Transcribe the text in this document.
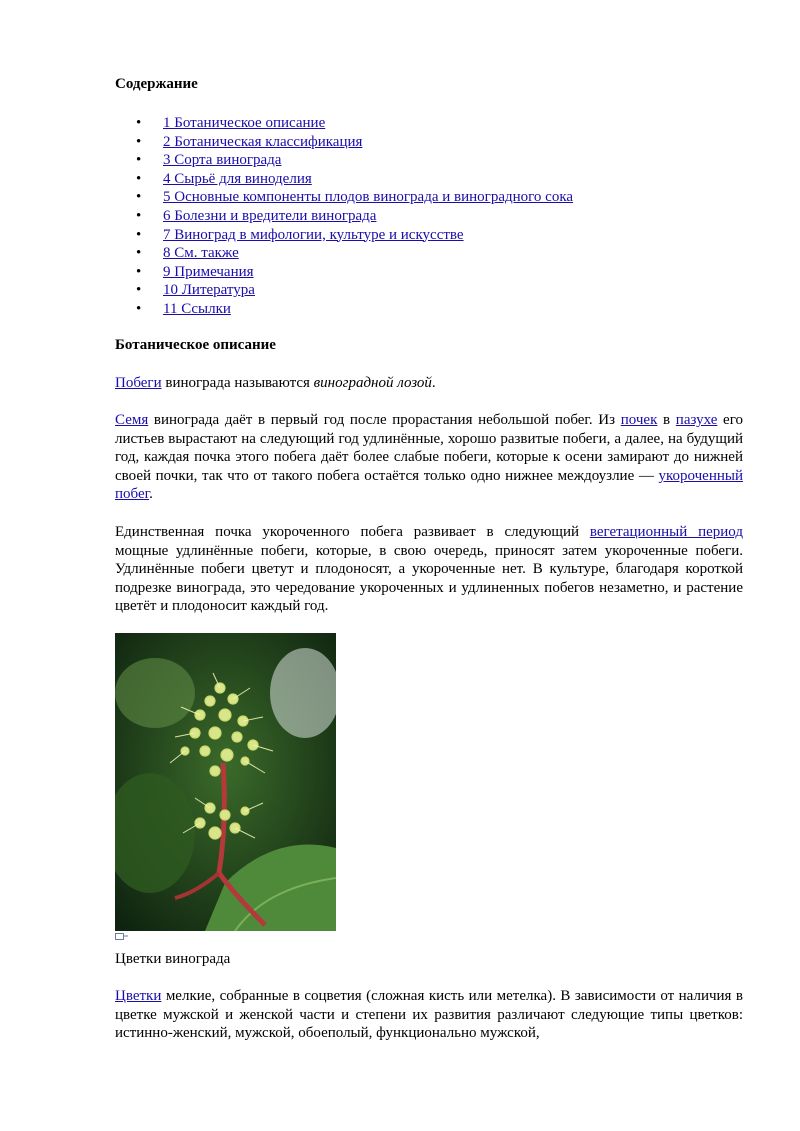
Содержание
• 1 Ботаническое описание
• 2 Ботаническая классификация
• 3 Сорта винограда
• 4 Сырьё для виноделия
• 5 Основные компоненты плодов винограда и виноградного сока
• 6 Болезни и вредители винограда
• 7 Виноград в мифологии, культуре и искусстве
• 8 См. также
• 9 Примечания
• 10 Литература
• 11 Ссылки
Ботаническое описание

Побеги винограда называются виноградной лозой.

Семя винограда даёт в первый год после прорастания небольшой побег. Из почек в пазухе его листьев вырастают на следующий год удлинённые, хорошо развитые побеги, а далее, на будущий год, каждая почка этого побега даёт более слабые побеги, которые к осени замирают до нижней своей почки, так что от такого побега остаётся только одно нижнее междоузлие — укороченный побег.

Единственная почка укороченного побега развивает в следующий вегетационный период мощные удлинённые побеги, которые, в свою очередь, приносят затем укороченные побеги. Удлинённые побеги цветут и плодоносят, а укороченные нет. В культуре, благодаря короткой подрезке винограда, это чередование укороченных и удлиненных побегов незаметно, и растение цветёт и плодоносит каждый год.

Цветки винограда

Цветки мелкие, собранные в соцветия (сложная кисть или метелка). В зависимости от наличия в цветке мужской и женской части и степени их развития различают следующие типы цветков: истинно-женский, мужской, обоеполый, функционально мужской,
